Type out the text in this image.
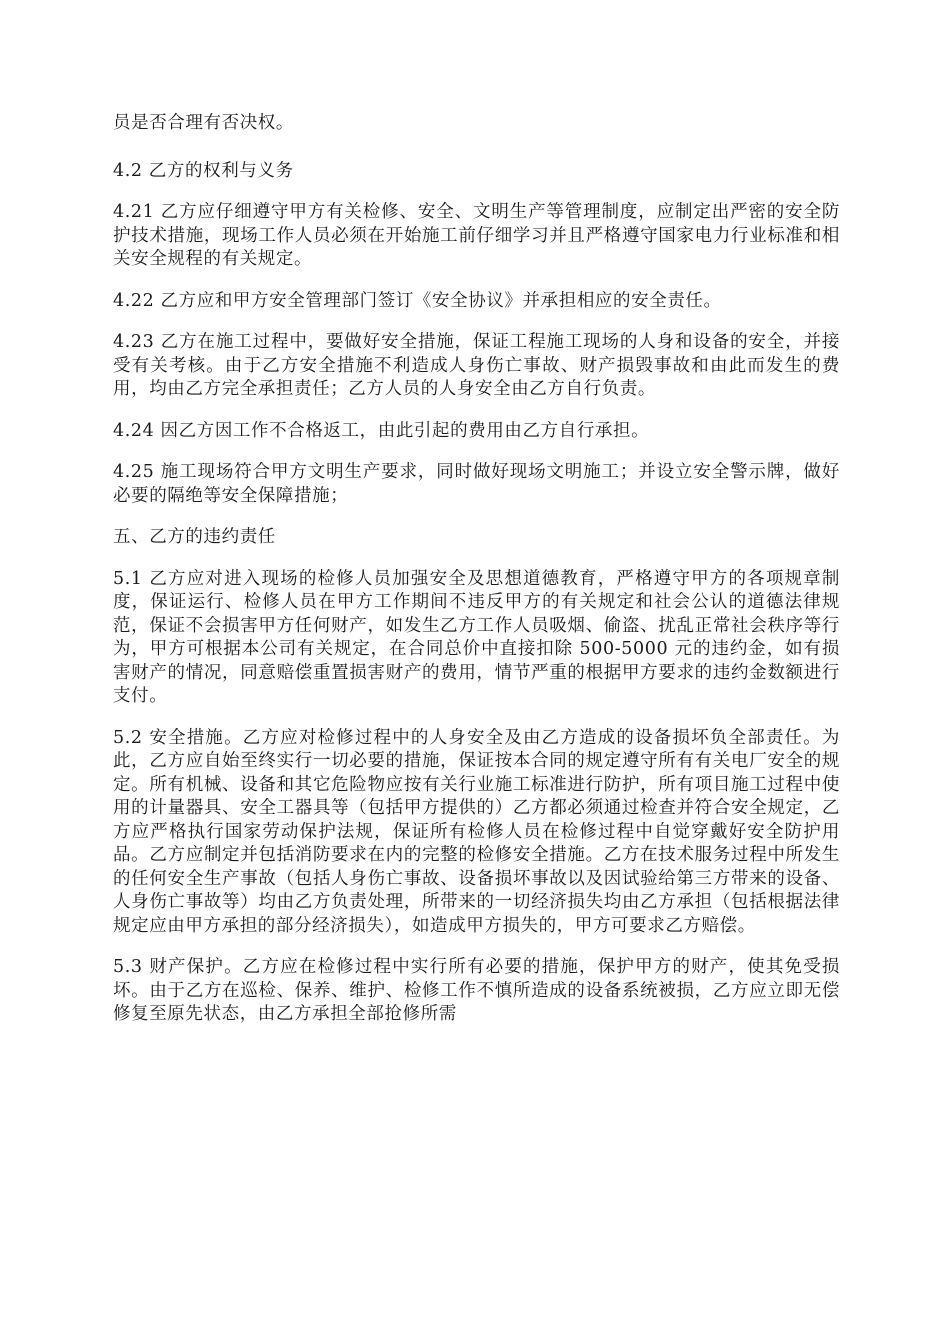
员是否合理有否决权。

4.2 乙方的权利与义务

4.21 乙方应仔细遵守甲方有关检修、安全、文明生产等管理制度，应制定出严密的安全防护技术措施，现场工作人员必须在开始施工前仔细学习并且严格遵守国家电力行业标准和相关安全规程的有关规定。

4.22 乙方应和甲方安全管理部门签订《安全协议》并承担相应的安全责任。

4.23 乙方在施工过程中，要做好安全措施，保证工程施工现场的人身和设备的安全，并接受有关考核。由于乙方安全措施不利造成人身伤亡事故、财产损毁事故和由此而发生的费用，均由乙方完全承担责任；乙方人员的人身安全由乙方自行负责。

4.24 因乙方因工作不合格返工，由此引起的费用由乙方自行承担。

4.25 施工现场符合甲方文明生产要求，同时做好现场文明施工；并设立安全警示牌，做好必要的隔绝等安全保障措施；

五、乙方的违约责任

5.1 乙方应对进入现场的检修人员加强安全及思想道德教育，严格遵守甲方的各项规章制度，保证运行、检修人员在甲方工作期间不违反甲方的有关规定和社会公认的道德法律规范，保证不会损害甲方任何财产，如发生乙方工作人员吸烟、偷盗、扰乱正常社会秩序等行为，甲方可根据本公司有关规定，在合同总价中直接扣除 500-5000 元的违约金，如有损害财产的情况，同意赔偿重置损害财产的费用，情节严重的根据甲方要求的违约金数额进行支付。

5.2 安全措施。乙方应对检修过程中的人身安全及由乙方造成的设备损坏负全部责任。为此，乙方应自始至终实行一切必要的措施，保证按本合同的规定遵守所有有关电厂安全的规定。所有机械、设备和其它危险物应按有关行业施工标准进行防护，所有项目施工过程中使用的计量器具、安全工器具等（包括甲方提供的）乙方都必须通过检查并符合安全规定，乙方应严格执行国家劳动保护法规，保证所有检修人员在检修过程中自觉穿戴好安全防护用品。乙方应制定并包括消防要求在内的完整的检修安全措施。乙方在技术服务过程中所发生的任何安全生产事故（包括人身伤亡事故、设备损坏事故以及因试验给第三方带来的设备、人身伤亡事故等）均由乙方负责处理，所带来的一切经济损失均由乙方承担（包括根据法律规定应由甲方承担的部分经济损失），如造成甲方损失的，甲方可要求乙方赔偿。

5.3 财产保护。乙方应在检修过程中实行所有必要的措施，保护甲方的财产，使其免受损坏。由于乙方在巡检、保养、维护、检修工作不慎所造成的设备系统被损，乙方应立即无偿修复至原先状态，由乙方承担全部抢修所需
